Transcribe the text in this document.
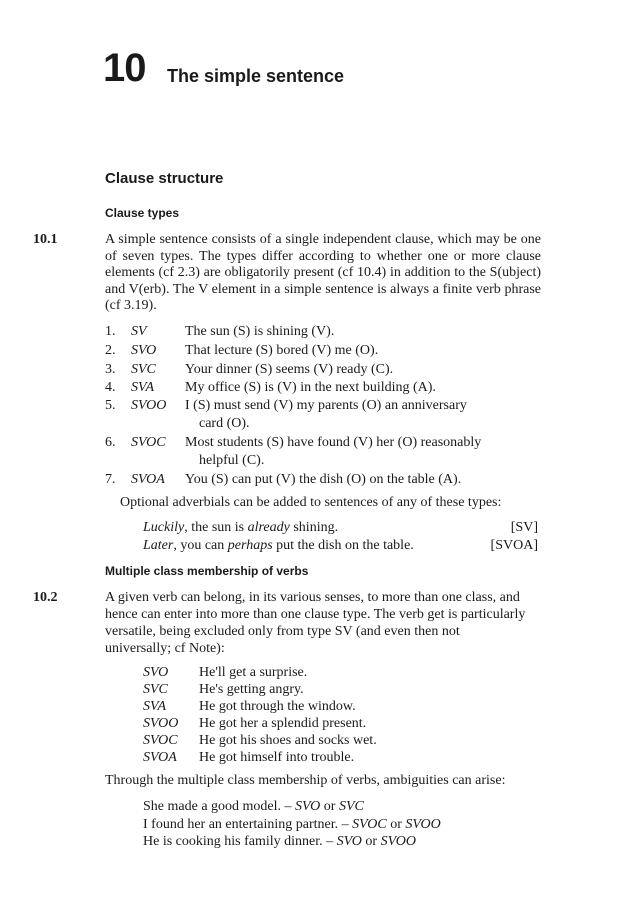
10 The simple sentence
Clause structure
Clause types
10.1	A simple sentence consists of a single independent clause, which may be one of seven types. The types differ according to whether one or more clause elements (cf 2.3) are obligatorily present (cf 10.4) in addition to the S(ubject) and V(erb). The V element in a simple sentence is always a finite verb phrase (cf 3.19).
1. SV	The sun (S) is shining (V).
2. SVO That lecture (S) bored (V) me (O).
3. SVC Your dinner (S) seems (V) ready (C).
4. SVA My office (S) is (V) in the next building (A).
5. SVOO I (S) must send (V) my parents (O) an anniversary
card (O).
6. SVOC Most students (S) have found (V) her (O) reasonably
helpful (C).
7. SVOA You (S) can put (V) the dish (O) on the table (A).
Optional adverbials can be added to sentences of any of these types:
Luckily, the sun is already shining.	[SV]
Later, you can perhaps put the dish on the table.	[SVOA]
Multiple class membership of verbs
10.2	A given verb can belong, in its various senses, to more than one class, and
hence can enter into more than one clause type. The verb get is particularly
versatile, being excluded only from type SV (and even then not
universally; cf Note):
SVO He'll get a surprise.
SVC He's getting angry.
SVA He got through the window.
SVOO He got her a splendid present.
SVOC He got his shoes and socks wet.
SVOA He got himself into trouble.
Through the multiple class membership of verbs, ambiguities can arise:
She made a good model. – SVO or SVC
I found her an entertaining partner. – SVOC or SVOO
He is cooking his family dinner. – SVO or SVOO
